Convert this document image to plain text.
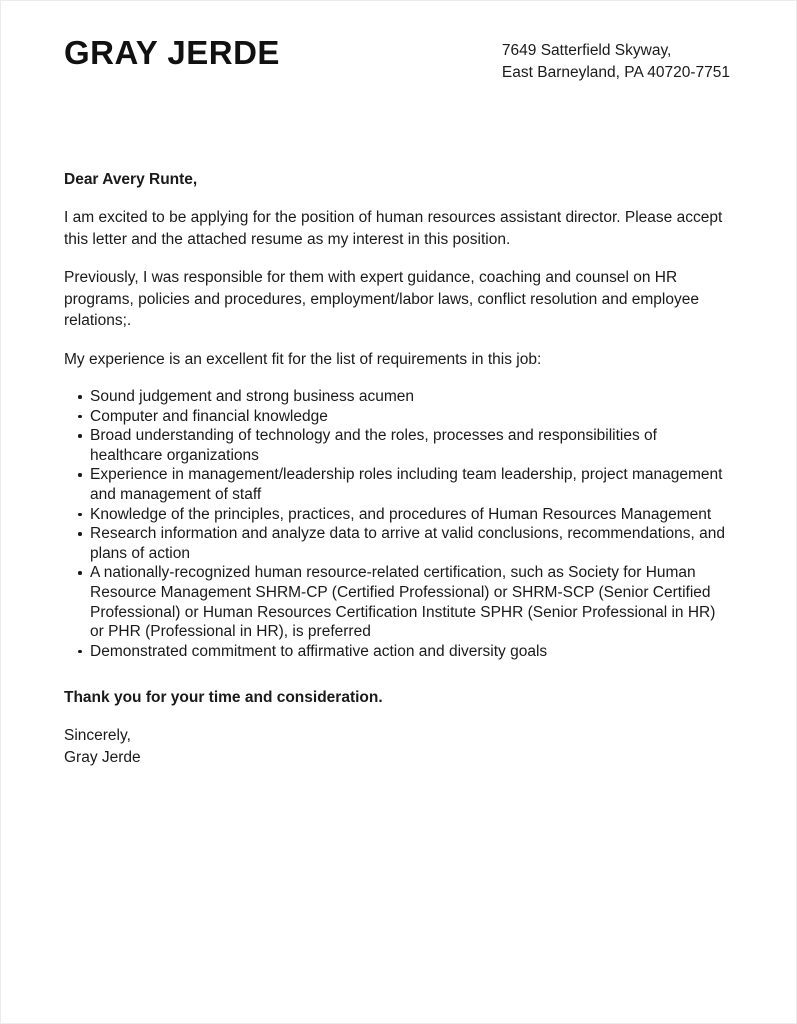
GRAY JERDE	7649 Satterfield Skyway,
East Barneyland, PA 40720-7751

Dear Avery Runte,

I am excited to be applying for the position of human resources assistant director. Please accept this letter and the attached resume as my interest in this position.

Previously, I was responsible for them with expert guidance, coaching and counsel on HR programs, policies and procedures, employment/labor laws, conflict resolution and employee relations;.

My experience is an excellent fit for the list of requirements in this job:

Sound judgement and strong business acumen
Computer and financial knowledge
Broad understanding of technology and the roles, processes and responsibilities of healthcare organizations
Experience in management/leadership roles including team leadership, project management and management of staff
Knowledge of the principles, practices, and procedures of Human Resources Management
Research information and analyze data to arrive at valid conclusions, recommendations, and plans of action
A nationally-recognized human resource-related certification, such as Society for Human Resource Management SHRM-CP (Certified Professional) or SHRM-SCP (Senior Certified Professional) or Human Resources Certification Institute SPHR (Senior Professional in HR) or PHR (Professional in HR), is preferred
Demonstrated commitment to affirmative action and diversity goals

Thank you for your time and consideration.

Sincerely,
Gray Jerde
